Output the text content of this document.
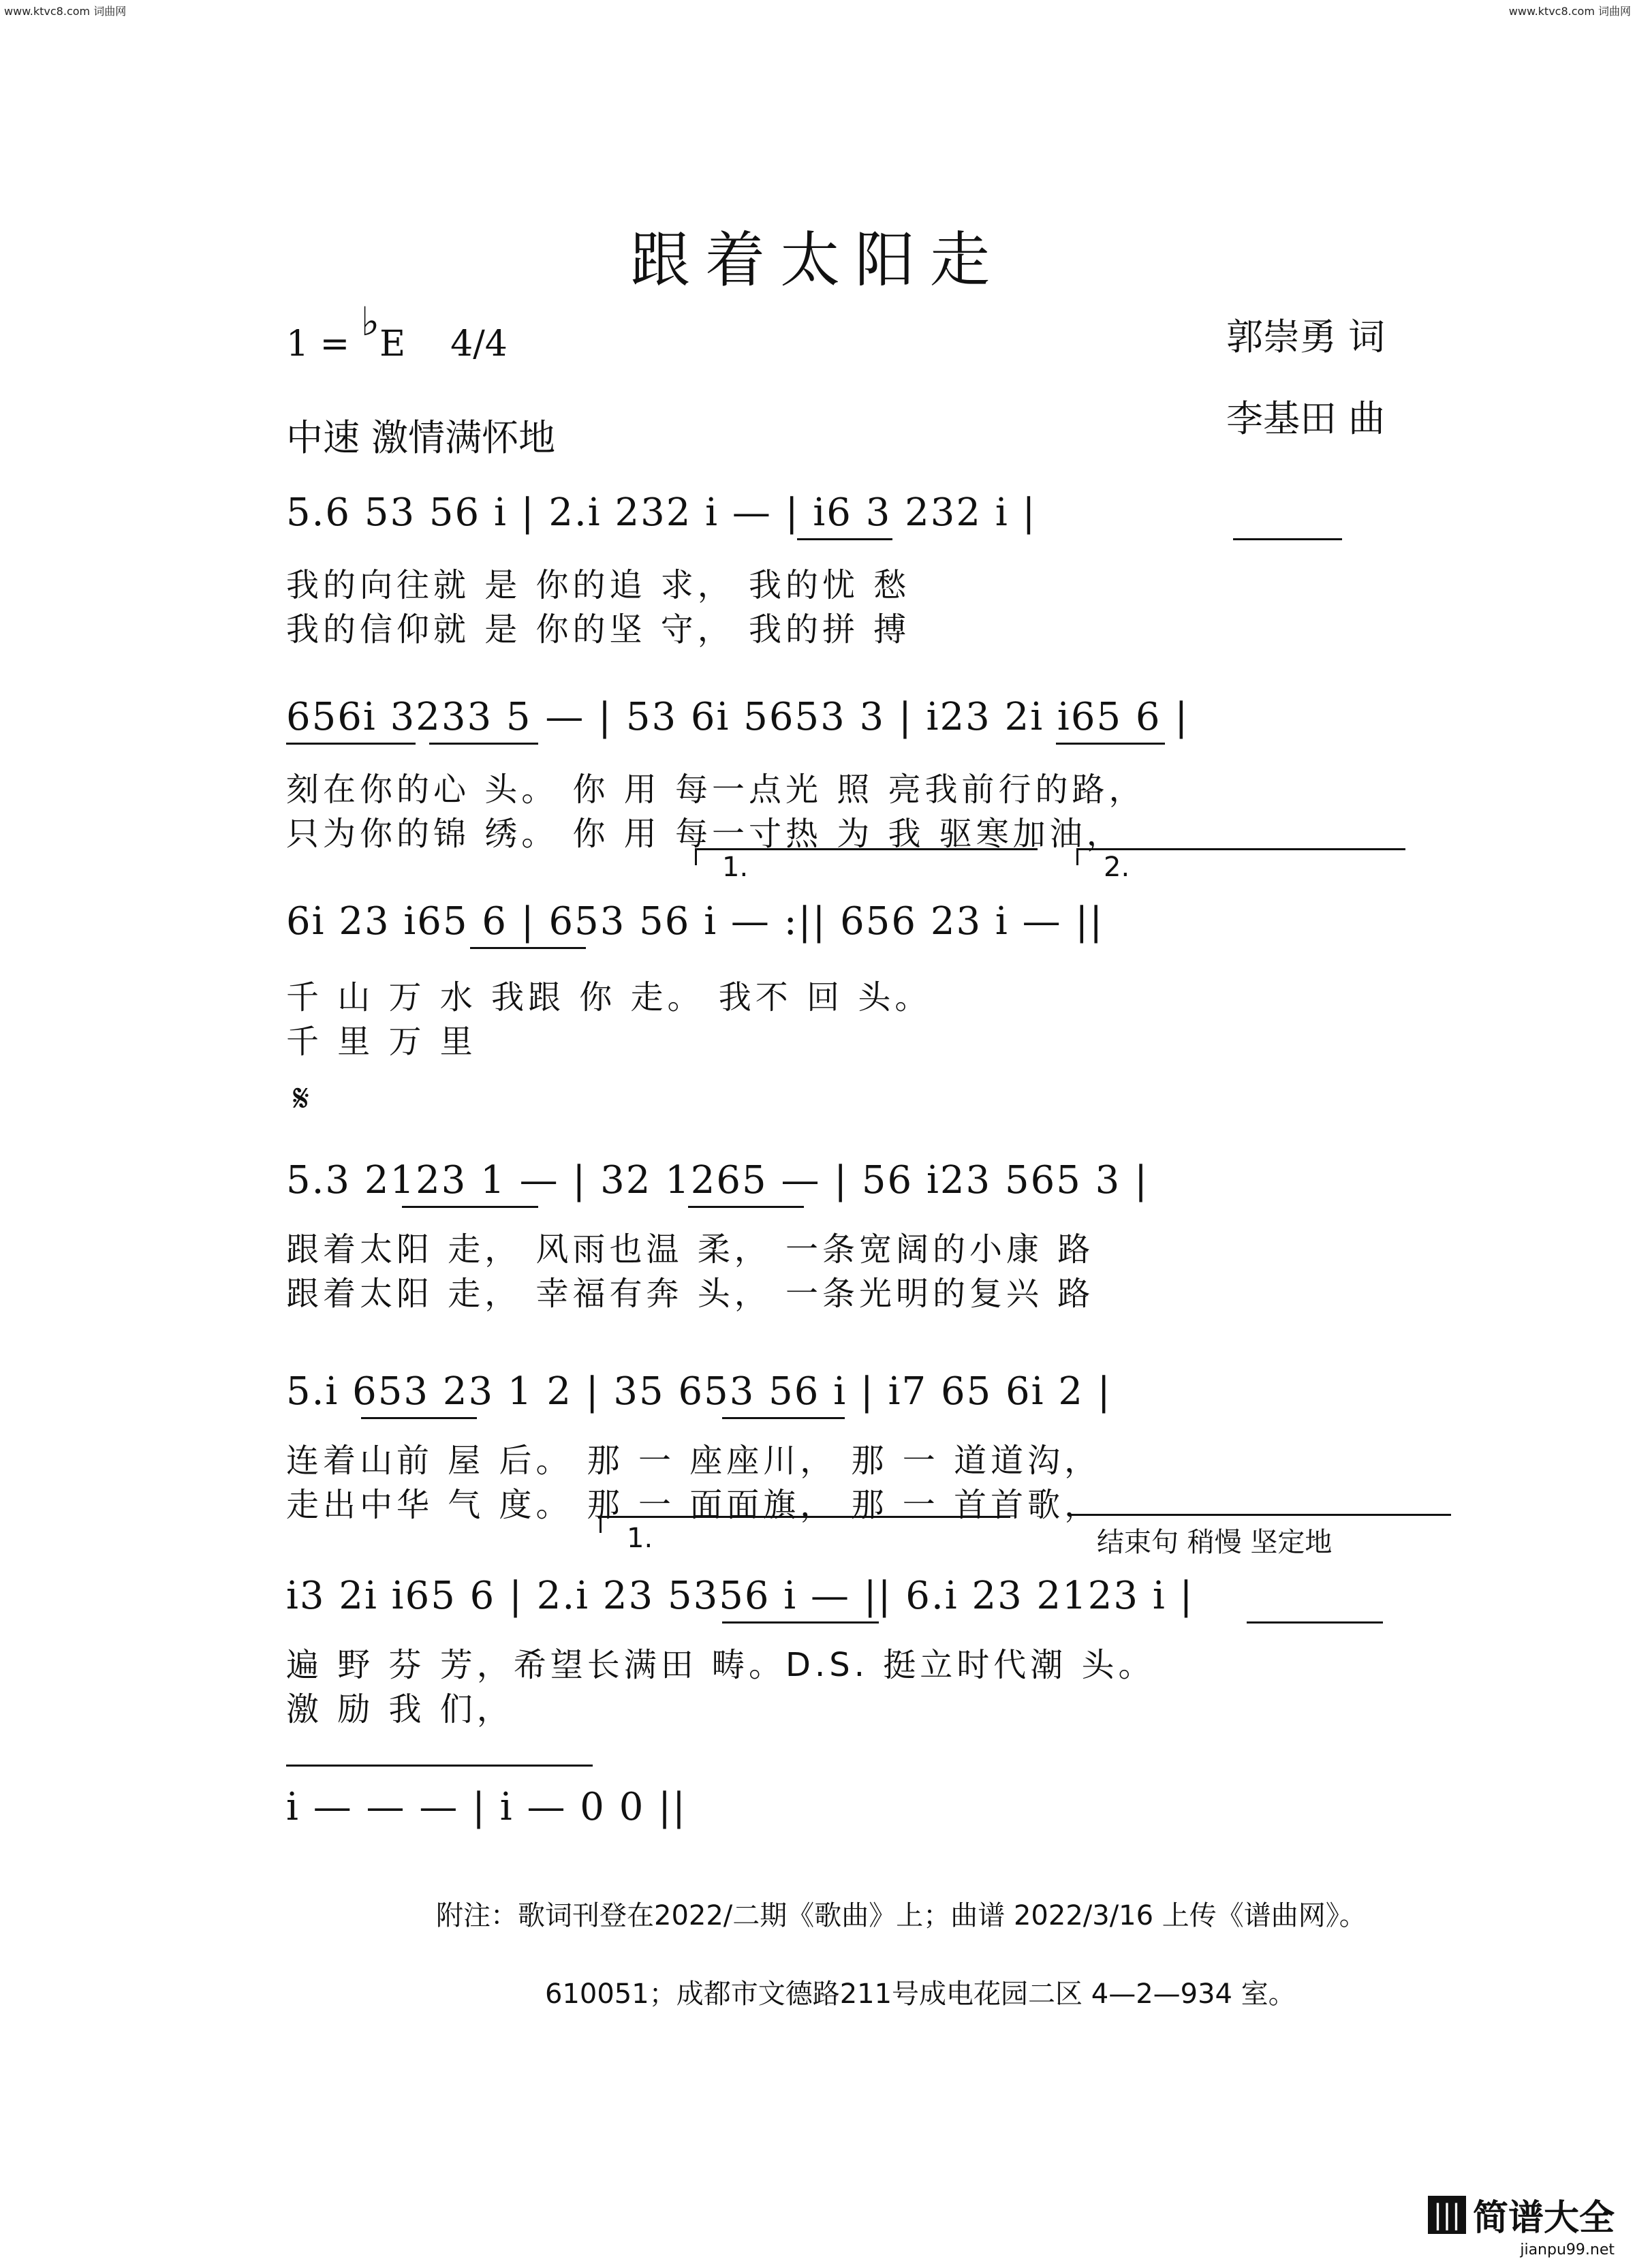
www.ktvc8.com 词曲网	www.ktvc8.com 词曲网
跟着太阳走
1 = ♭E 4/4
中速 激情满怀地
郭崇勇 词
李基田 曲
5.6 53 56 i | 2.i 232 i — | i6 3 232 i |
我的向往就 是 你的追 求， 我的忧 愁
我的信仰就 是 你的坚 守， 我的拼 搏
656i 3233 5 — | 53 6i 5653 3 | i23 2i i65 6 |
刻在你的心 头。 你 用 每一点光 照 亮我前行的路，
只为你的锦 绣。 你 用 每一寸热 为 我 驱寒加油，
1.	2.
6i 23 i65 6 | 653 56 i — :|| 656 23 i — ||
千 山 万 水 我跟 你 走。 我不 回 头。
千 里 万 里
𝄋
5.3 2123 1 — | 32 1265 — | 56 i23 565 3 |
跟着太阳 走， 风雨也温 柔， 一条宽阔的小康 路
跟着太阳 走， 幸福有奔 头， 一条光明的复兴 路
5.i 653 23 1 2 | 35 653 56 i | i7 65 6i 2 |
连着山前 屋 后。 那 一 座座川， 那 一 道道沟，
走出中华 气 度。 那 一 面面旗， 那 一 首首歌，
1.	结束句 稍慢 坚定地
i3 2i i65 6 | 2.i 23 5356 i — || 6.i 23 2123 i |
遍 野 芬 芳，希望长满田 畴。D.S. 挺立时代潮 头。
激 励 我 们，
i — — — | i — 0 0 ||
附注：歌词刊登在2022/二期《歌曲》上；曲谱 2022/3/16 上传《谱曲网》。
610051；成都市文德路211号成电花园二区 4—2—934 室。
||| 简谱大全
jianpu99.net
